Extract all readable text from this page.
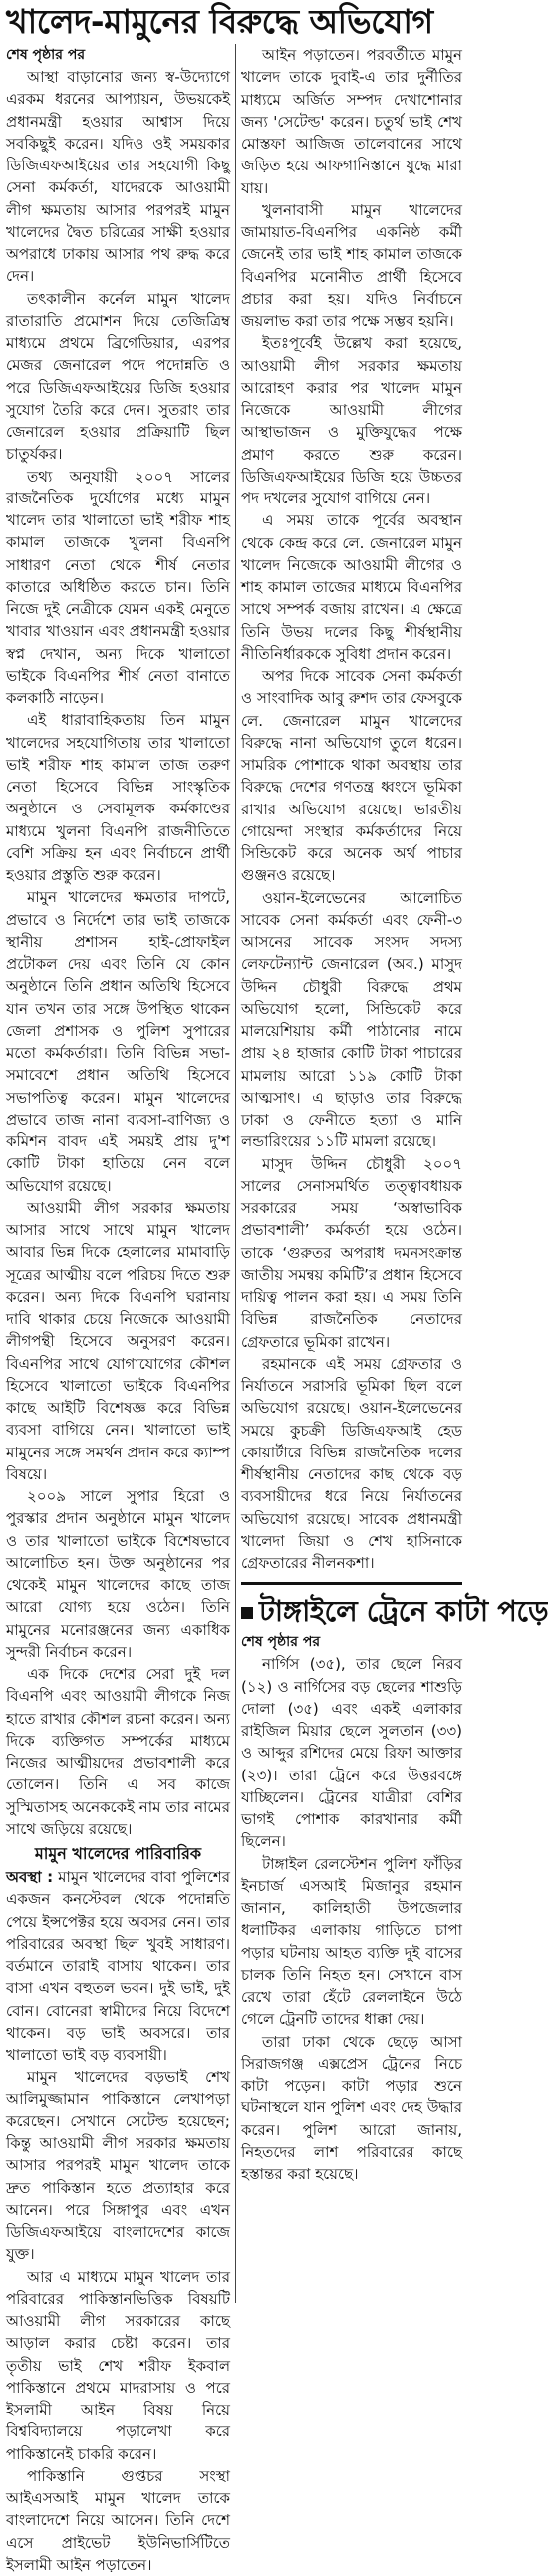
খালেদ-মামুনের বিরুদ্ধে অভিযোগ
শেষ পৃষ্ঠার পর

আস্থা বাড়ানোর জন্য স্ব-উদ্যোগে এরকম ধরনের আপ্যায়ন, উভয়কেই প্রধানমন্ত্রী হওয়ার আশ্বাস দিয়ে সবকিছুই করেন। যদিও ওই সময়কার ডিজিএফআইয়ের তার সহযোগী কিছু সেনা কর্মকর্তা, যাদেরকে আওয়ামী লীগ ক্ষমতায় আসার পরপরই মামুন খালেদের দ্বৈত চরিত্রের সাক্ষী হওয়ার অপরাধে ঢাকায় আসার পথ রুদ্ধ করে দেন।

তৎকালীন কর্নেল মামুন খালেদ রাতারাতি প্রমোশন দিয়ে তেজিত্রিম্ব মাধ্যমে প্রথমে ব্রিগেডিয়ার, এরপর মেজর জেনারেল পদে পদোন্নতি ও পরে ডিজিএফআইয়ের ডিজি হওয়ার সুযোগ তৈরি করে দেন। সুতরাং তার জেনারেল হওয়ার প্রক্রিয়াটি ছিল চাতুর্যকর।

তথ্য অনুযায়ী ২০০৭ সালের রাজনৈতিক দুর্যোগের মধ্যে মামুন খালেদ তার খালাতো ভাই শরীফ শাহ কামাল তাজকে খুলনা বিএনপি সাধারণ নেতা থেকে শীর্ষ নেতার কাতারে অধিষ্ঠিত করতে চান। তিনি নিজে দুই নেত্রীকে যেমন একই মেনুতে খাবার খাওয়ান এবং প্রধানমন্ত্রী হওয়ার স্বপ্ন দেখান, অন্য দিকে খালাতো ভাইকে বিএনপির শীর্ষ নেতা বানাতে কলকাঠি নাড়েন।

এই ধারাবাহিকতায় তিন মামুন খালেদের সহযোগিতায় তার খালাতো ভাই শরীফ শাহ কামাল তাজ তরুণ নেতা হিসেবে বিভিন্ন সাংস্কৃতিক অনুষ্ঠানে ও সেবামূলক কর্মকাণ্ডের মাধ্যমে খুলনা বিএনপি রাজনীতিতে বেশি সক্রিয় হন এবং নির্বাচনে প্রার্থী হওয়ার প্রস্তুতি শুরু করেন।

মামুন খালেদের ক্ষমতার দাপটে, প্রভাবে ও নির্দেশে তার ভাই তাজকে স্থানীয় প্রশাসন হাই-প্রোফাইল প্রটোকল দেয় এবং তিনি যে কোন অনুষ্ঠানে তিনি প্রধান অতিথি হিসেবে যান তখন তার সঙ্গে উপস্থিত থাকেন জেলা প্রশাসক ও পুলিশ সুপারের মতো কর্মকর্তারা। তিনি বিভিন্ন সভা-সমাবেশে প্রধান অতিথি হিসেবে সভাপতিত্ব করেন। মামুন খালেদের প্রভাবে তাজ নানা ব্যবসা-বাণিজ্য ও কমিশন বাবদ এই সময়ই প্রায় দু'শ কোটি টাকা হাতিয়ে নেন বলে অভিযোগ রয়েছে।

আওয়ামী লীগ সরকার ক্ষমতায় আসার সাথে সাথে মামুন খালেদ আবার ভিন্ন দিকে হেলালের মামাবাড়ি সূত্রের আত্মীয় বলে পরিচয় দিতে শুরু করেন। অন্য দিকে বিএনপি ঘরানায় দাবি থাকার চেয়ে নিজেকে আওয়ামী লীগপন্থী হিসেবে অনুসরণ করেন। বিএনপির সাথে যোগাযোগের কৌশল হিসেবে খালাতো ভাইকে বিএনপির কাছে আইটি বিশেষজ্ঞ করে বিভিন্ন ব্যবসা বাগিয়ে নেন। খালাতো ভাই মামুনের সঙ্গে সমর্থন প্রদান করে ক্যাম্প বিষয়ে।

২০০৯ সালে সুপার হিরো ও পুরস্কার প্রদান অনুষ্ঠানে মামুন খালেদ ও তার খালাতো ভাইকে বিশেষভাবে আলোচিত হন। উক্ত অনুষ্ঠানের পর থেকেই মামুন খালেদের কাছে তাজ আরো যোগ্য হয়ে ওঠেন। তিনি মামুনের মনোরঞ্জনের জন্য একাধিক সুন্দরী নির্বাচন করেন।

এক দিকে দেশের সেরা দুই দল বিএনপি এবং আওয়ামী লীগকে নিজ হাতে রাখার কৌশল রচনা করেন। অন্য দিকে ব্যক্তিগত সম্পর্কের মাধ্যমে নিজের আত্মীয়দের প্রভাবশালী করে তোলেন। তিনি এ সব কাজে সুস্মিতাসহ অনেককেই নাম তার নামের সাথে জড়িয়ে রয়েছে।

মামুন খালেদের পারিবারিক

অবস্থা : মামুন খালেদের বাবা পুলিশের একজন কনস্টেবল থেকে পদোন্নতি পেয়ে ইন্সপেক্টর হয়ে অবসর নেন। তার পরিবারের অবস্থা ছিল খুবই সাধারণ। বর্তমানে তারাই বাসায় থাকেন। তার বাসা এখন বহুতল ভবন। দুই ভাই, দুই বোন। বোনেরা স্বামীদের নিয়ে বিদেশে থাকেন। বড় ভাই অবসরে। তার খালাতো ভাই বড় ব্যবসায়ী।

মামুন খালেদের বড়ভাই শেখ আলিমুজ্জামান পাকিস্তানে লেখাপড়া করেছেন। সেখানে সেটেল্ড হয়েছেন; কিন্তু আওয়ামী লীগ সরকার ক্ষমতায় আসার পরপরই মামুন খালেদ তাকে দ্রুত পাকিস্তান হতে প্রত্যাহার করে আনেন। পরে সিঙ্গাপুর এবং এখন ডিজিএফআইয়ে বাংলাদেশের কাজে যুক্ত।

আর এ মাধ্যমে মামুন খালেদ তার পরিবারের পাকিস্তানভিত্তিক বিষয়টি আওয়ামী লীগ সরকারের কাছে আড়াল করার চেষ্টা করেন। তার তৃতীয় ভাই শেখ শরীফ ইকবাল পাকিস্তানে প্রথমে মাদরাসায় ও পরে ইসলামী আইন বিষয় নিয়ে বিশ্ববিদ্যালয়ে পড়ালেখা করে পাকিস্তানেই চাকরি করেন।

পাকিস্তানি গুপ্তচর সংস্থা আইএসআই মামুন খালেদ তাকে বাংলাদেশে নিয়ে আসেন। তিনি দেশে এসে প্রাইভেট ইউনিভার্সিটিতে ইসলামী আইন পড়াতেন।

আইন পড়াতেন। পরবর্তীতে মামুন খালেদ তাকে দুবাই-এ তার দুর্নীতির মাধ্যমে অর্জিত সম্পদ দেখাশোনার জন্য 'সেটেল্ড' করেন। চতুর্থ ভাই শেখ মোস্তফা আজিজ তালেবানের সাথে জড়িত হয়ে আফগানিস্তানে যুদ্ধে মারা যায়।

খুলনাবাসী মামুন খালেদের জামায়াত-বিএনপির একনিষ্ঠ কর্মী জেনেই তার ভাই শাহ কামাল তাজকে বিএনপির মনোনীত প্রার্থী হিসেবে প্রচার করা হয়। যদিও নির্বাচনে জয়লাভ করা তার পক্ষে সম্ভব হয়নি।

ইতঃপূর্বেই উল্লেখ করা হয়েছে, আওয়ামী লীগ সরকার ক্ষমতায় আরোহণ করার পর খালেদ মামুন নিজেকে আওয়ামী লীগের আস্থাভাজন ও মুক্তিযুদ্ধের পক্ষে প্রমাণ করতে শুরু করেন। ডিজিএফআইয়ের ডিজি হয়ে উচ্চতর পদ দখলের সুযোগ বাগিয়ে নেন।

এ সময় তাকে পূর্বের অবস্থান থেকে কেন্দ্র করে লে. জেনারেল মামুন খালেদ নিজেকে আওয়ামী লীগের ও শাহ কামাল তাজের মাধ্যমে বিএনপির সাথে সম্পর্ক বজায় রাখেন। এ ক্ষেত্রে তিনি উভয় দলের কিছু শীর্ষস্থানীয় নীতিনির্ধারককে সুবিধা প্রদান করেন।

অপর দিকে সাবেক সেনা কর্মকর্তা ও সাংবাদিক আবু রুশদ তার ফেসবুকে লে. জেনারেল মামুন খালেদের বিরুদ্ধে নানা অভিযোগ তুলে ধরেন। সামরিক পোশাকে থাকা অবস্থায় তার বিরুদ্ধে দেশের গণতন্ত্র ধ্বংসে ভূমিকা রাখার অভিযোগ রয়েছে। ভারতীয় গোয়েন্দা সংস্থার কর্মকর্তাদের নিয়ে সিন্ডিকেট করে অনেক অর্থ পাচার গুঞ্জনও রয়েছে।

ওয়ান-ইলেভেনের আলোচিত সাবেক সেনা কর্মকর্তা এবং ফেনী-৩ আসনের সাবেক সংসদ সদস্য লেফটেন্যান্ট জেনারেল (অব.) মাসুদ উদ্দিন চৌধুরী বিরুদ্ধে প্রথম অভিযোগ হলো, সিন্ডিকেট করে মালয়েশিয়ায় কর্মী পাঠানোর নামে প্রায় ২৪ হাজার কোটি টাকা পাচারের মামলায় আরো ১১৯ কোটি টাকা আত্মসাৎ। এ ছাড়াও তার বিরুদ্ধে ঢাকা ও ফেনীতে হত্যা ও মানি লন্ডারিংয়ের ১১টি মামলা রয়েছে।

মাসুদ উদ্দিন চৌধুরী ২০০৭ সালের সেনাসমর্থিত তত্ত্বাবধায়ক সরকারের সময় ‘অস্বাভাবিক প্রভাবশালী’ কর্মকর্তা হয়ে ওঠেন। তাকে ‘গুরুতর অপরাধ দমনসংক্রান্ত জাতীয় সমন্বয় কমিটি’র প্রধান হিসেবে দায়িত্ব পালন করা হয়। এ সময় তিনি বিভিন্ন রাজনৈতিক নেতাদের গ্রেফতারে ভূমিকা রাখেন।

রহমানকে এই সময় গ্রেফতার ও নির্যাতনে সরাসরি ভূমিকা ছিল বলে অভিযোগ রয়েছে। ওয়ান-ইলেভেনের সময়ে কুচক্রী ডিজিএফআই হেড কোয়ার্টারে বিভিন্ন রাজনৈতিক দলের শীর্ষস্থানীয় নেতাদের কাছ থেকে বড় ব্যবসায়ীদের ধরে নিয়ে নির্যাতনের অভিযোগ রয়েছে। সাবেক প্রধানমন্ত্রী খালেদা জিয়া ও শেখ হাসিনাকে গ্রেফতারের নীলনকশা।

টাঙ্গাইলে ট্রেনে কাটা পড়ে
শেষ পৃষ্ঠার পর

নার্গিস (৩৫), তার ছেলে নিরব (১২) ও নার্গিসের বড় ছেলের শাশুড়ি দোলা (৩৫) এবং একই এলাকার রাইজিল মিয়ার ছেলে সুলতান (৩৩) ও আব্দুর রশিদের মেয়ে রিফা আক্তার (২৩)। তারা ট্রেনে করে উত্তরবঙ্গে যাচ্ছিলেন। ট্রেনের যাত্রীরা বেশির ভাগই পোশাক কারখানার কর্মী ছিলেন।

টাঙ্গাইল রেলস্টেশন পুলিশ ফাঁড়ির ইনচার্জ এসআই মিজানুর রহমান জানান, কালিহাতী উপজেলার ধলাটিকর এলাকায় গাড়িতে চাপা পড়ার ঘটনায় আহত ব্যক্তি দুই বাসের চালক তিনি নিহত হন। সেখানে বাস রেখে তারা হেঁটে রেললাইনে উঠে গেলে ট্রেনটি তাদের ধাক্কা দেয়।

তারা ঢাকা থেকে ছেড়ে আসা সিরাজগঞ্জ এক্সপ্রেস ট্রেনের নিচে কাটা পড়েন। কাটা পড়ার শুনে ঘটনাস্থলে যান পুলিশ এবং দেহ উদ্ধার করেন। পুলিশ আরো জানায়, নিহতদের লাশ পরিবারের কাছে হস্তান্তর করা হয়েছে।
